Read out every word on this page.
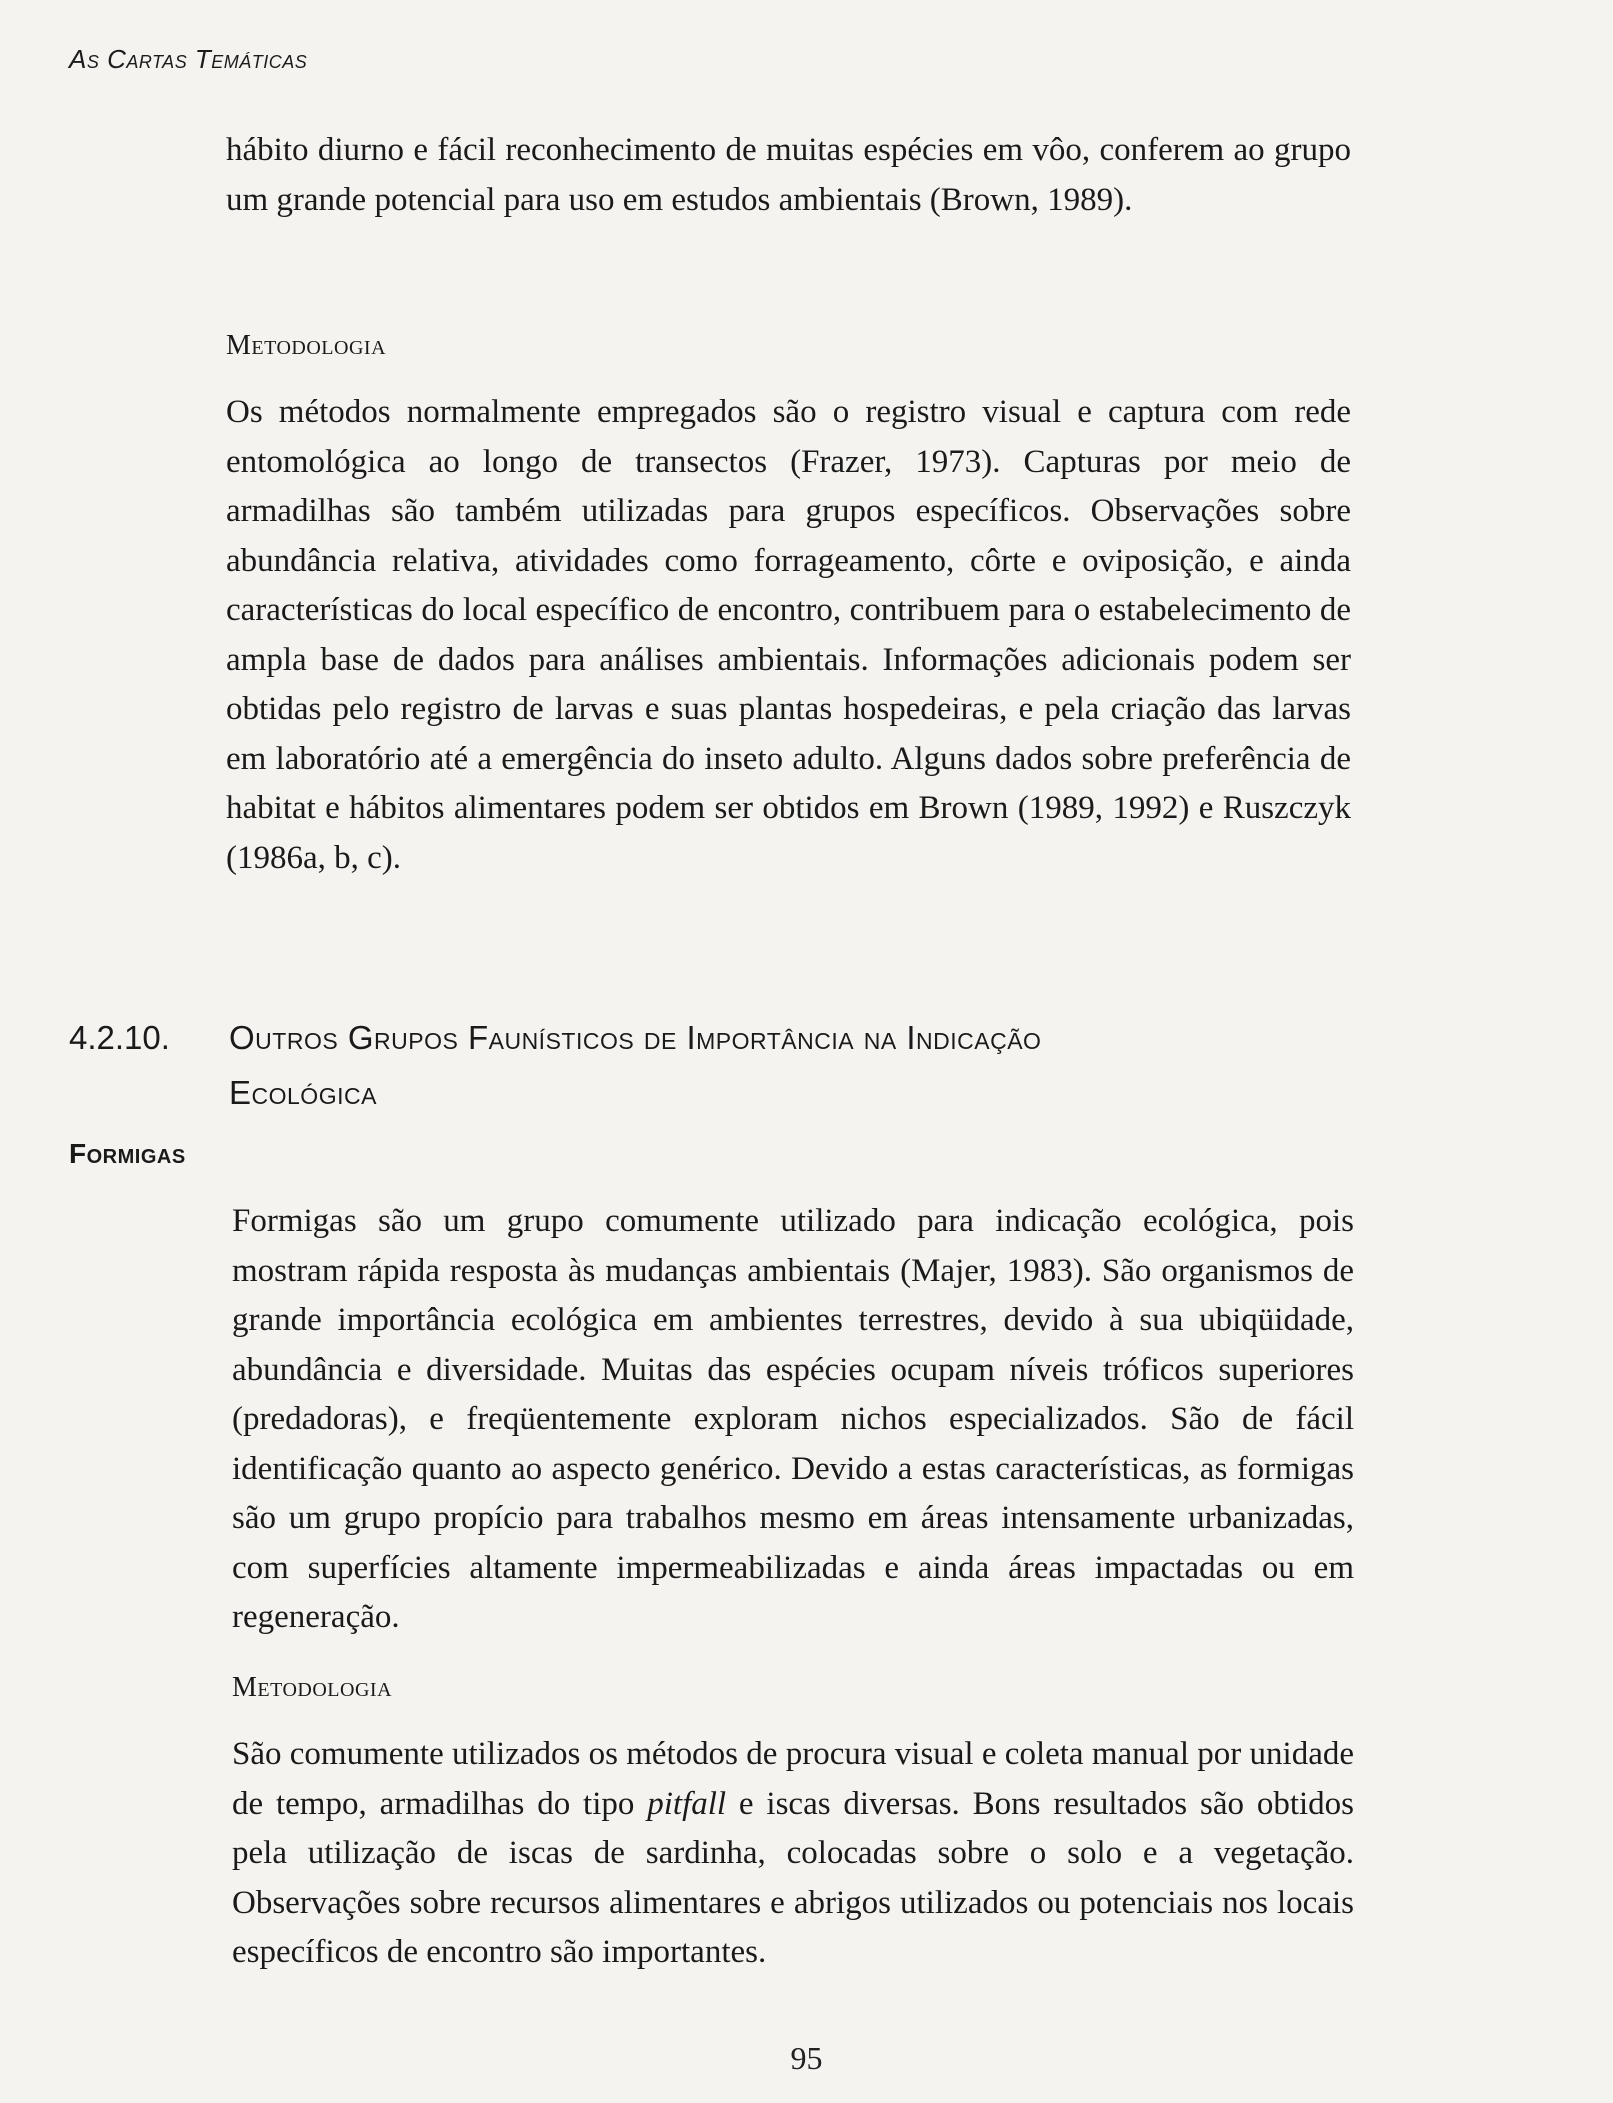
As Cartas Temáticas

hábito diurno e fácil reconhecimento de muitas espécies em vôo, conferem ao grupo um grande potencial para uso em estudos ambientais (Brown, 1989).

Metodologia

Os métodos normalmente empregados são o registro visual e captura com rede entomológica ao longo de transectos (Frazer, 1973). Capturas por meio de armadilhas são também utilizadas para grupos específicos. Observações sobre abundância relativa, atividades como forrageamento, côrte e oviposição, e ainda características do local específico de encontro, contribuem para o estabelecimento de ampla base de dados para análises ambientais. Informações adicionais podem ser obtidas pelo registro de larvas e suas plantas hospedeiras, e pela criação das larvas em laboratório até a emergência do inseto adulto. Alguns dados sobre preferência de habitat e hábitos alimentares podem ser obtidos em Brown (1989, 1992) e Ruszczyk (1986a, b, c).

4.2.10. Outros Grupos Faunísticos de Importância na Indicação
Ecológica
Formigas

Formigas são um grupo comumente utilizado para indicação ecológica, pois mostram rápida resposta às mudanças ambientais (Majer, 1983). São organismos de grande importância ecológica em ambientes terrestres, devido à sua ubiqüidade, abundância e diversidade. Muitas das espécies ocupam níveis tróficos superiores (predadoras), e freqüentemente exploram nichos especializados. São de fácil identificação quanto ao aspecto genérico. Devido a estas características, as formigas são um grupo propício para trabalhos mesmo em áreas intensamente urbanizadas, com superfícies altamente impermeabilizadas e ainda áreas impactadas ou em regeneração.

Metodologia

São comumente utilizados os métodos de procura visual e coleta manual por unidade de tempo, armadilhas do tipo pitfall e iscas diversas. Bons resultados são obtidos pela utilização de iscas de sardinha, colocadas sobre o solo e a vegetação. Observações sobre recursos alimentares e abrigos utilizados ou potenciais nos locais específicos de encontro são importantes.

95
